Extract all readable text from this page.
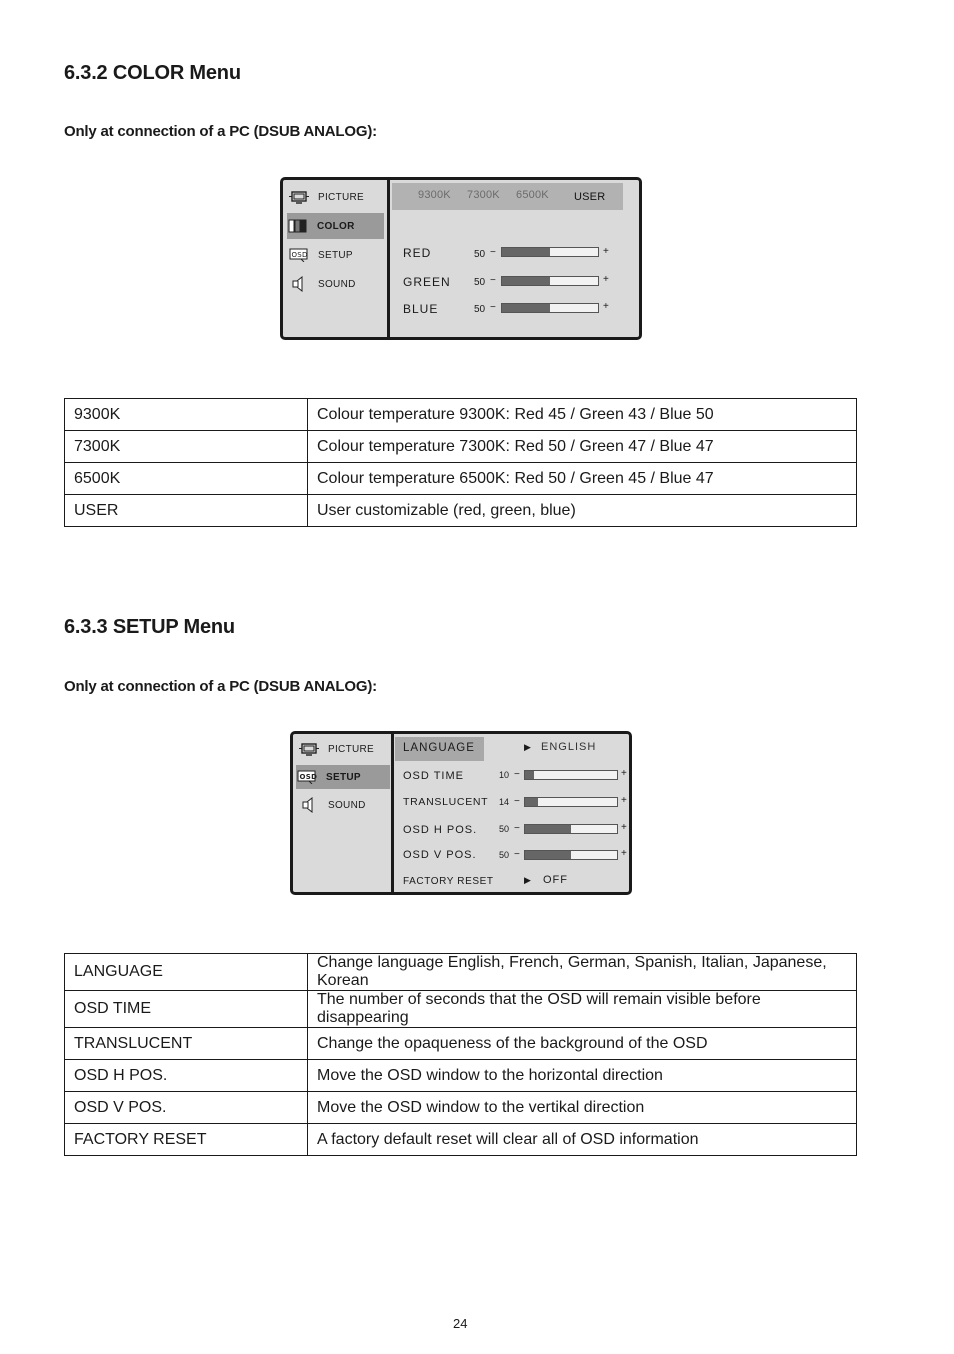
6.3.2 COLOR Menu
Only at connection of a PC (DSUB ANALOG):
PICTURE
COLOR
OSD SETUP
SOUND
9300K 7300K 6500K USER
RED	50 −	+
GREEN 50 −	+
BLUE	50 −	+
9300K	Colour temperature 9300K: Red 45 / Green 43 / Blue 50
7300K	Colour temperature 7300K: Red 50 / Green 47 / Blue 47
6500K	Colour temperature 6500K: Red 50 / Green 45 / Blue 47
USER	User customizable (red, green, blue)
6.3.3 SETUP Menu
Only at connection of a PC (DSUB ANALOG):
PICTURE
OSD SETUP
SOUND
LANGUAGE	▶ ENGLISH
OSD TIME	10 −	+
TRANSLUCENT 14 −	+
OSD H POS. 50 −	+
OSD V POS. 50 −	+
FACTORY RESET	▶ OFF
LANGUAGE	Change language English, French, German, Spanish, Italian, Japanese, Korean
OSD TIME	The number of seconds that the OSD will remain visible before disappearing
TRANSLUCENT	Change the opaqueness of the background of the OSD
OSD H POS.	Move the OSD window to the horizontal direction
OSD V POS.	Move the OSD window to the vertikal direction
FACTORY RESET	A factory default reset will clear all of OSD information
24
